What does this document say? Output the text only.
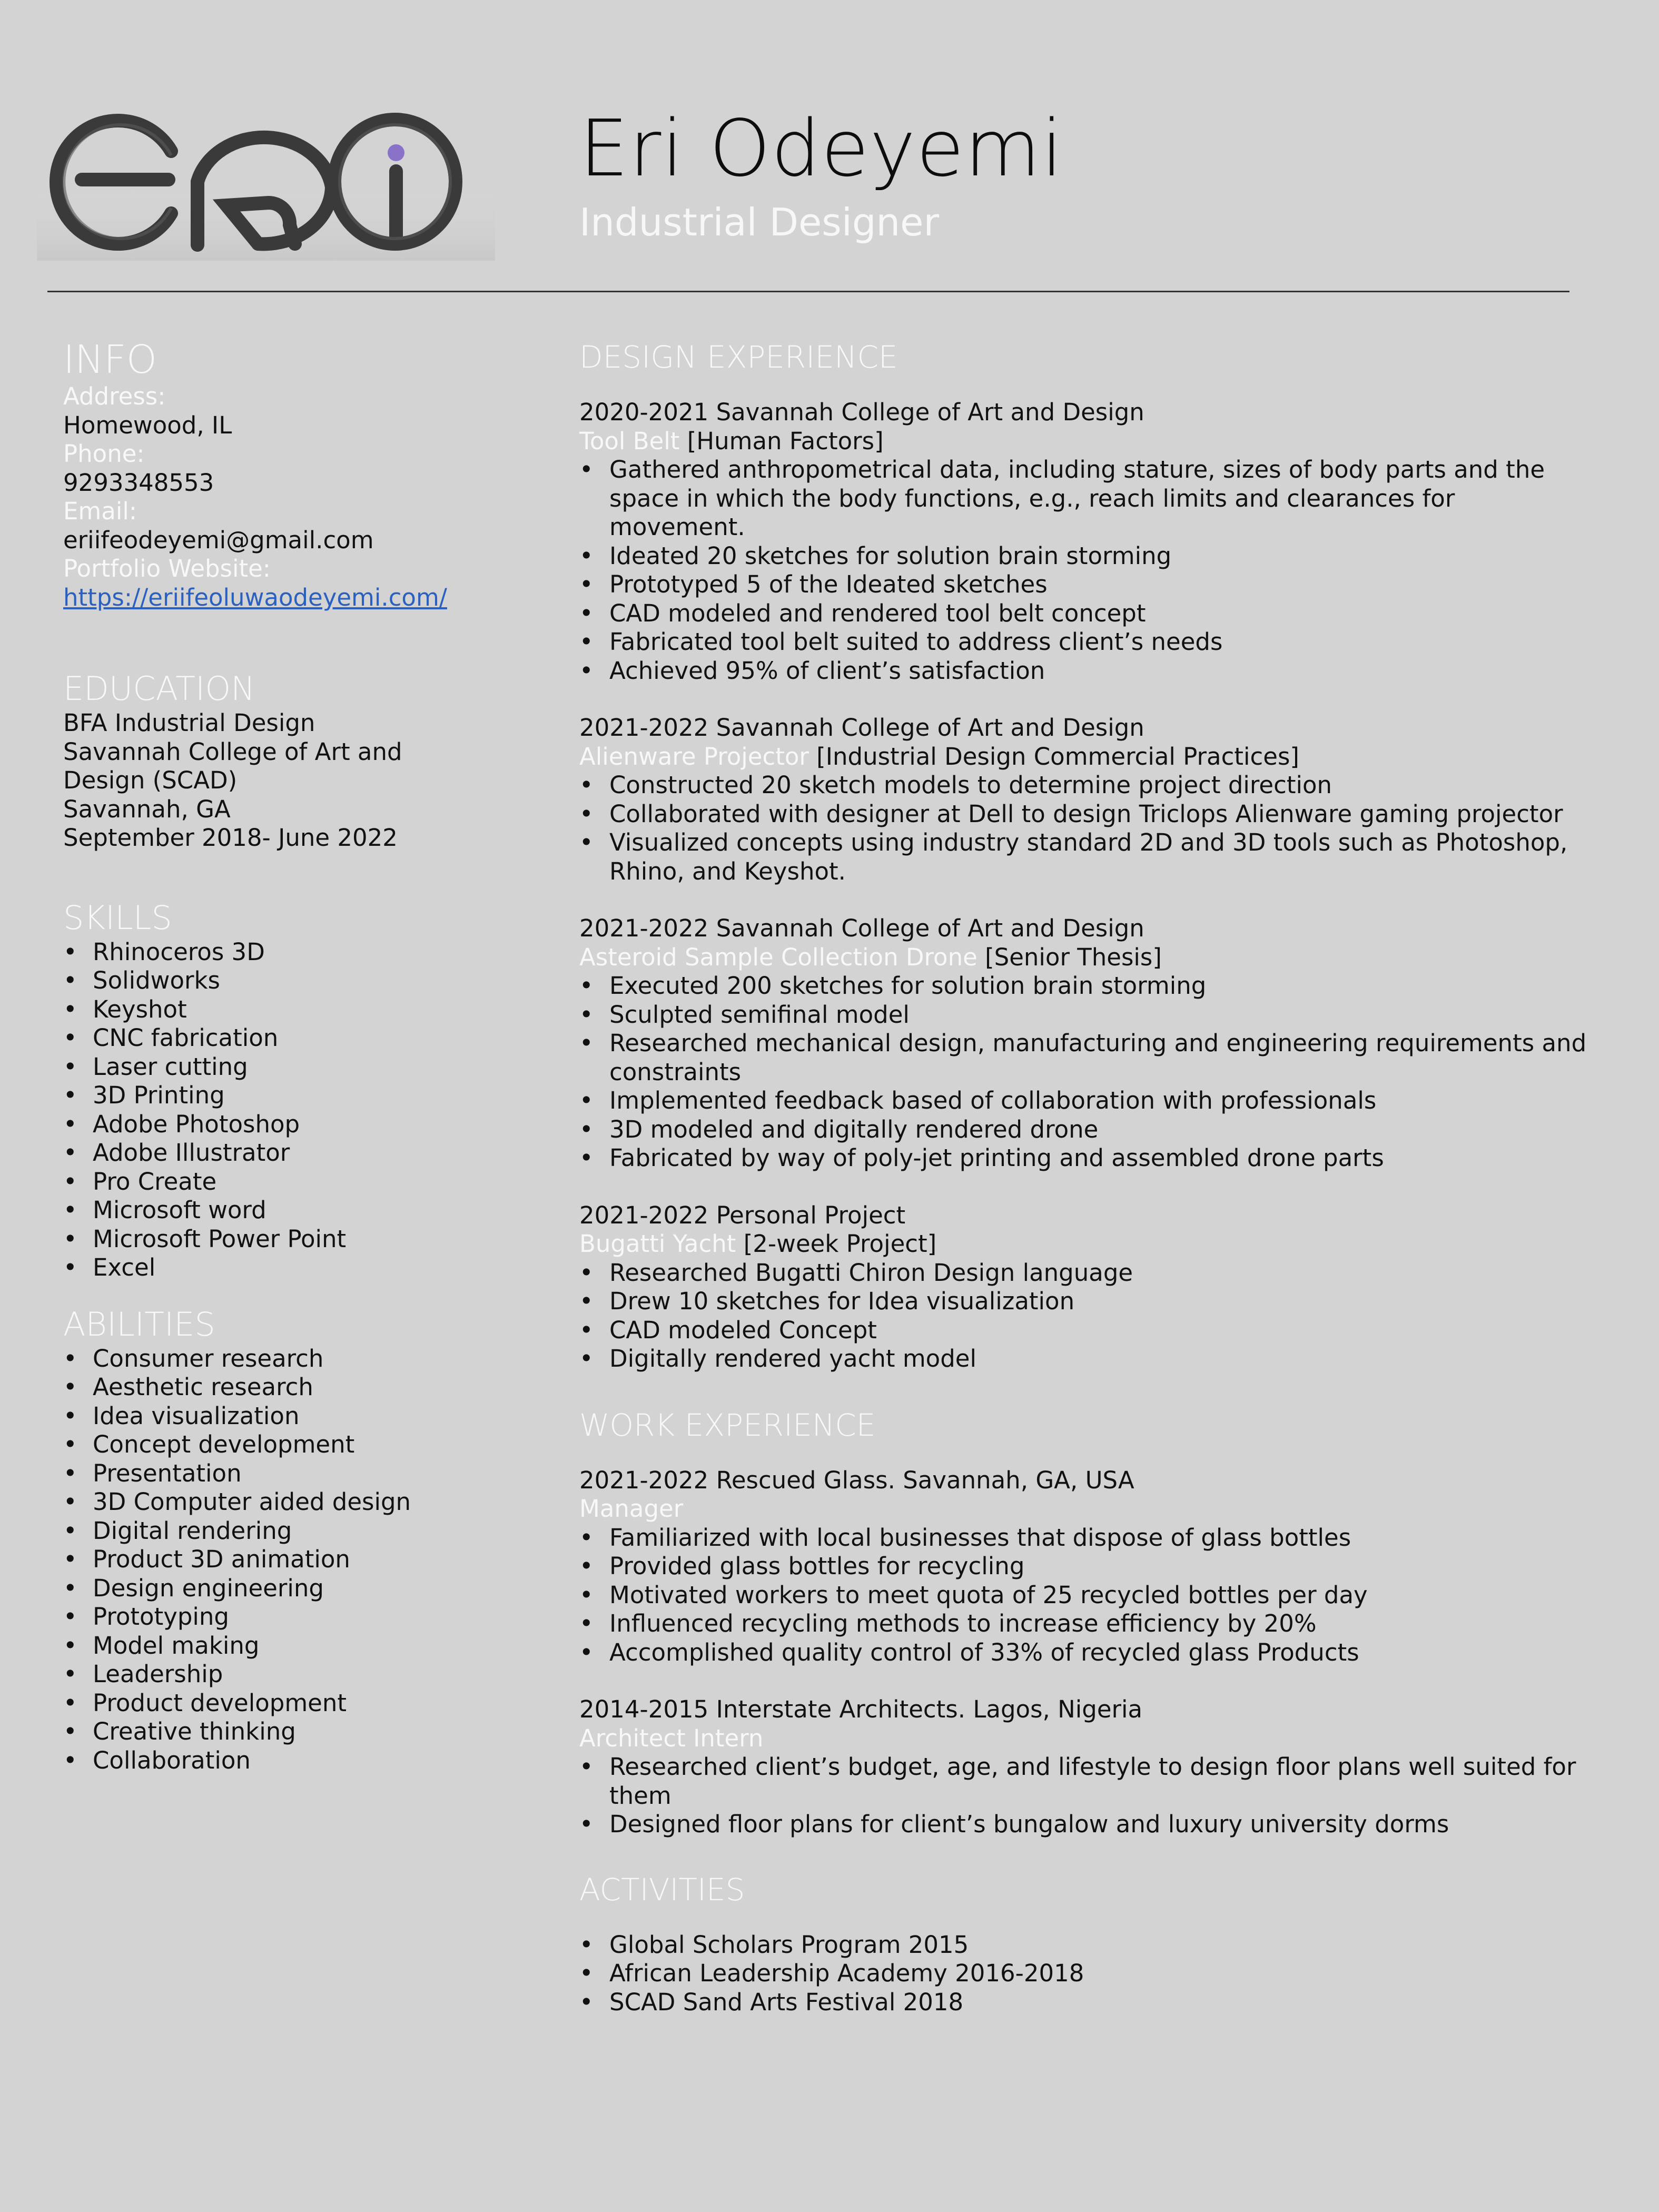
Eri Odeyemi
Industrial Designer
INFO
Address:
Homewood, IL
Phone:
9293348553
Email:
eriifeodeyemi@gmail.com
Portfolio Website:
https://eriifeoluwaodeyemi.com/
EDUCATION
BFA Industrial Design
Savannah College of Art and
Design (SCAD)
Savannah, GA
September 2018- June 2022
SKILLS
• Rhinoceros 3D
• Solidworks
• Keyshot
• CNC fabrication
• Laser cutting
• 3D Printing
• Adobe Photoshop
• Adobe Illustrator
• Pro Create
• Microsoft word
• Microsoft Power Point
• Excel
ABILITIES
• Consumer research
• Aesthetic research
• Idea visualization
• Concept development
• Presentation
• 3D Computer aided design
• Digital rendering
• Product 3D animation
• Design engineering
• Prototyping
• Model making
• Leadership
• Product development
• Creative thinking
• Collaboration
DESIGN EXPERIENCE
2020-2021 Savannah College of Art and Design
Tool Belt [Human Factors]
• Gathered anthropometrical data, including stature, sizes of body parts and the space in which the body functions, e.g., reach limits and clearances for movement.
• Ideated 20 sketches for solution brain storming
• Prototyped 5 of the Ideated sketches
• CAD modeled and rendered tool belt concept
• Fabricated tool belt suited to address client’s needs
• Achieved 95% of client’s satisfaction
2021-2022 Savannah College of Art and Design
Alienware Projector [Industrial Design Commercial Practices]
• Constructed 20 sketch models to determine project direction
• Collaborated with designer at Dell to design Triclops Alienware gaming projector
• Visualized concepts using industry standard 2D and 3D tools such as Photoshop, Rhino, and Keyshot.
2021-2022 Savannah College of Art and Design
Asteroid Sample Collection Drone [Senior Thesis]
• Executed 200 sketches for solution brain storming
• Sculpted semifinal model
• Researched mechanical design, manufacturing and engineering requirements and constraints
• Implemented feedback based of collaboration with professionals
• 3D modeled and digitally rendered drone
• Fabricated by way of poly-jet printing and assembled drone parts
2021-2022 Personal Project
Bugatti Yacht [2-week Project]
• Researched Bugatti Chiron Design language
• Drew 10 sketches for Idea visualization
• CAD modeled Concept
• Digitally rendered yacht model
WORK EXPERIENCE
2021-2022 Rescued Glass. Savannah, GA, USA
Manager
• Familiarized with local businesses that dispose of glass bottles
• Provided glass bottles for recycling
• Motivated workers to meet quota of 25 recycled bottles per day
• Influenced recycling methods to increase efficiency by 20%
• Accomplished quality control of 33% of recycled glass Products
2014-2015 Interstate Architects. Lagos, Nigeria
Architect Intern
• Researched client’s budget, age, and lifestyle to design floor plans well suited for them
• Designed floor plans for client’s bungalow and luxury university dorms
ACTIVITIES
• Global Scholars Program 2015
• African Leadership Academy 2016-2018
• SCAD Sand Arts Festival 2018
